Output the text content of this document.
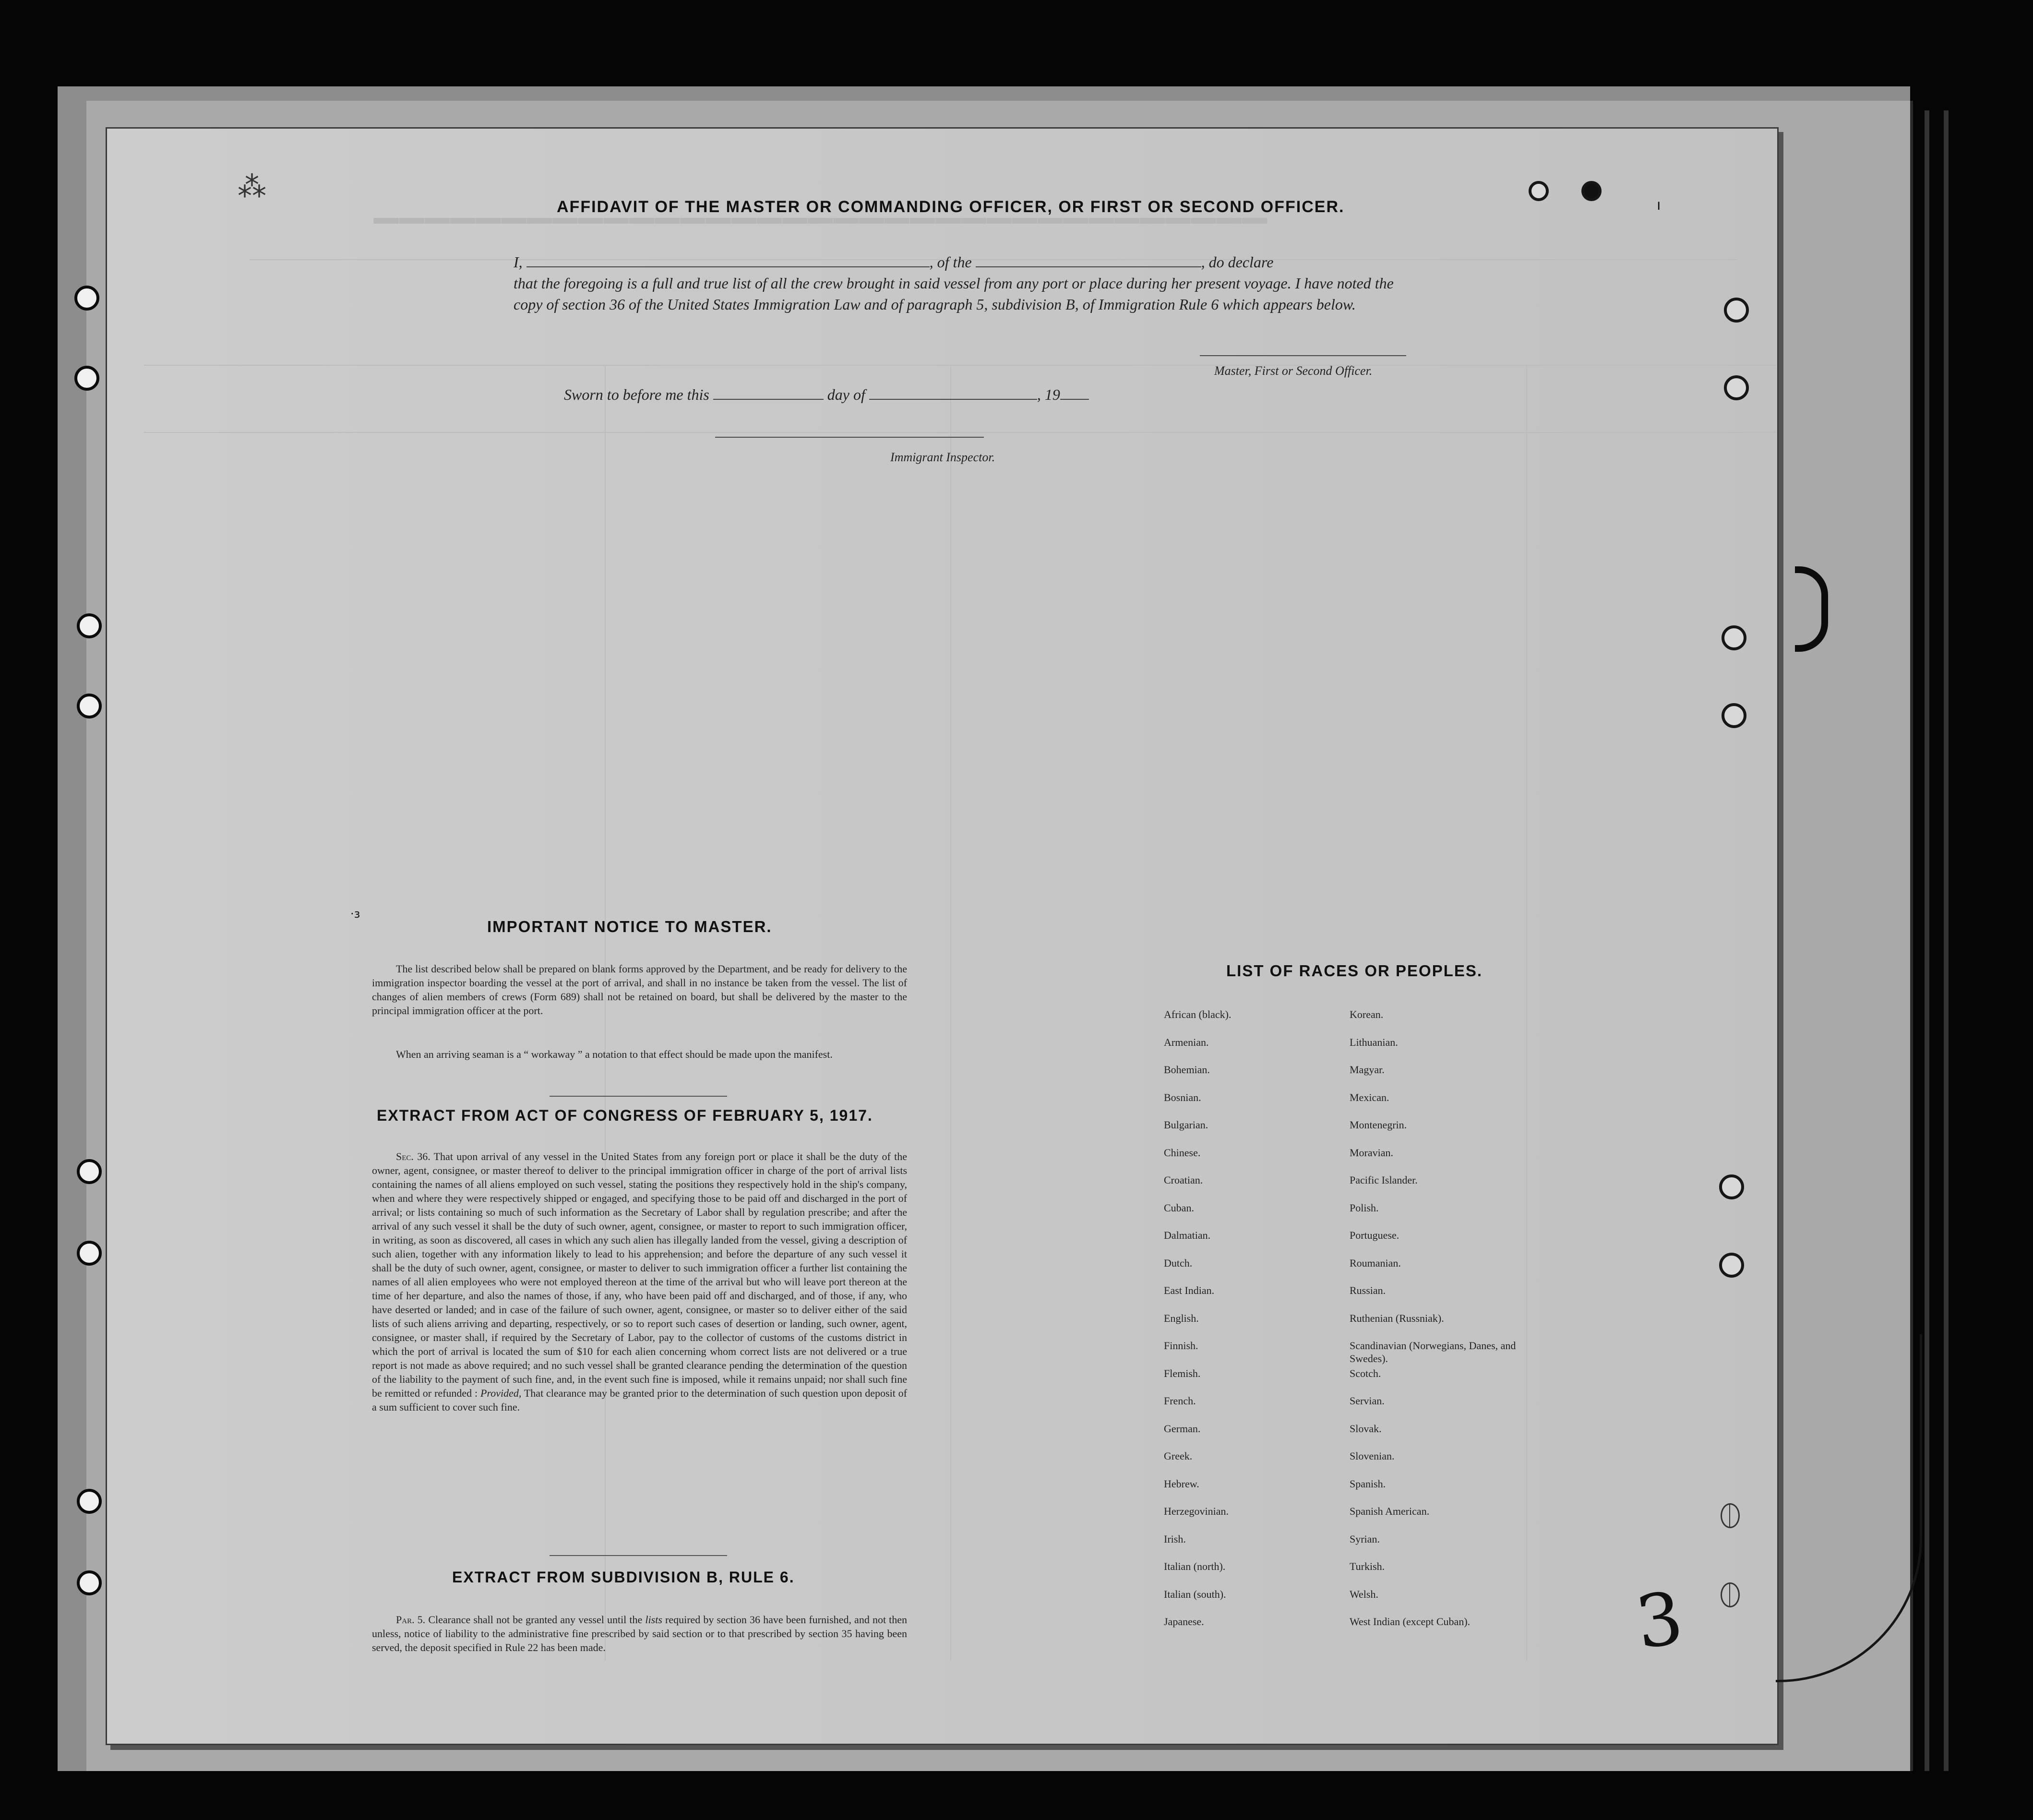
▁▁▁▁▁▁▁▁▁▁▁▁▁▁▁▁▁▁▁▁▁▁▁▁▁▁▁▁▁▁▁▁▁▁▁
AFFIDAVIT OF THE MASTER OR COMMANDING OFFICER, OR FIRST OR SECOND OFFICER.
I,	, of the	, do declare
that the foregoing is a full and true list of all the crew brought in said vessel from any port or place during her present voyage. I have noted the copy of section 36 of the United States Immigration Law and of paragraph 5, subdivision B, of Immigration Rule 6 which appears below.
Master, First or Second Officer.
Sworn to before me this	day of	, 19
Immigrant Inspector.
IMPORTANT NOTICE TO MASTER.
The list described below shall be prepared on blank forms approved by the Department, and be ready for delivery to the immigration inspector boarding the vessel at the port of arrival, and shall in no instance be taken from the vessel. The list of changes of alien members of crews (Form 689) shall not be retained on board, but shall be delivered by the master to the principal immigration officer at the port.
When an arriving seaman is a “ workaway ” a notation to that effect should be made upon the manifest.
EXTRACT FROM ACT OF CONGRESS OF FEBRUARY 5, 1917.
Sec. 36. That upon arrival of any vessel in the United States from any foreign port or place it shall be the duty of the owner, agent, consignee, or master thereof to deliver to the principal immigration officer in charge of the port of arrival lists containing the names of all aliens employed on such vessel, stating the positions they respectively hold in the ship's company, when and where they were respectively shipped or engaged, and specifying those to be paid off and discharged in the port of arrival; or lists containing so much of such information as the Secretary of Labor shall by regulation prescribe; and after the arrival of any such vessel it shall be the duty of such owner, agent, consignee, or master to report to such immigration officer, in writing, as soon as discovered, all cases in which any such alien has illegally landed from the vessel, giving a description of such alien, together with any information likely to lead to his apprehension; and before the departure of any such vessel it shall be the duty of such owner, agent, consignee, or master to deliver to such immigration officer a further list containing the names of all alien employees who were not employed thereon at the time of the arrival but who will leave port thereon at the time of her departure, and also the names of those, if any, who have been paid off and discharged, and of those, if any, who have deserted or landed; and in case of the failure of such owner, agent, consignee, or master so to deliver either of the said lists of such aliens arriving and departing, respectively, or so to report such cases of desertion or landing, such owner, agent, consignee, or master shall, if required by the Secretary of Labor, pay to the collector of customs of the customs district in which the port of arrival is located the sum of $10 for each alien concerning whom correct lists are not delivered or a true report is not made as above required; and no such vessel shall be granted clearance pending the determination of the question of the liability to the payment of such fine, and, in the event such fine is imposed, while it remains unpaid; nor shall such fine be remitted or refunded : Provided, That clearance may be granted prior to the determination of such question upon deposit of a sum sufficient to cover such fine.
EXTRACT FROM SUBDIVISION B, RULE 6.
Par. 5. Clearance shall not be granted any vessel until the lists required by section 36 have been furnished, and not then unless, notice of liability to the administrative fine prescribed by said section or to that prescribed by section 35 having been served, the deposit specified in Rule 22 has been made.
LIST OF RACES OR PEOPLES.
African (black).
Armenian.
Bohemian.
Bosnian.
Bulgarian.
Chinese.
Croatian.
Cuban.
Dalmatian.
Dutch.
East Indian.
English.
Finnish.
Flemish.
French.
German.
Greek.
Hebrew.
Herzegovinian.
Irish.
Italian (north).
Italian (south).
Japanese.
Korean.
Lithuanian.
Magyar.
Mexican.
Montenegrin.
Moravian.
Pacific Islander.
Polish.
Portuguese.
Roumanian.
Russian.
Ruthenian (Russniak).
Scandinavian (Norwegians, Danes, and Swedes).
Scotch.
Servian.
Slovak.
Slovenian.
Spanish.
Spanish American.
Syrian.
Turkish.
Welsh.
West Indian (except Cuban).
·ɜ
⁂
ı
3
